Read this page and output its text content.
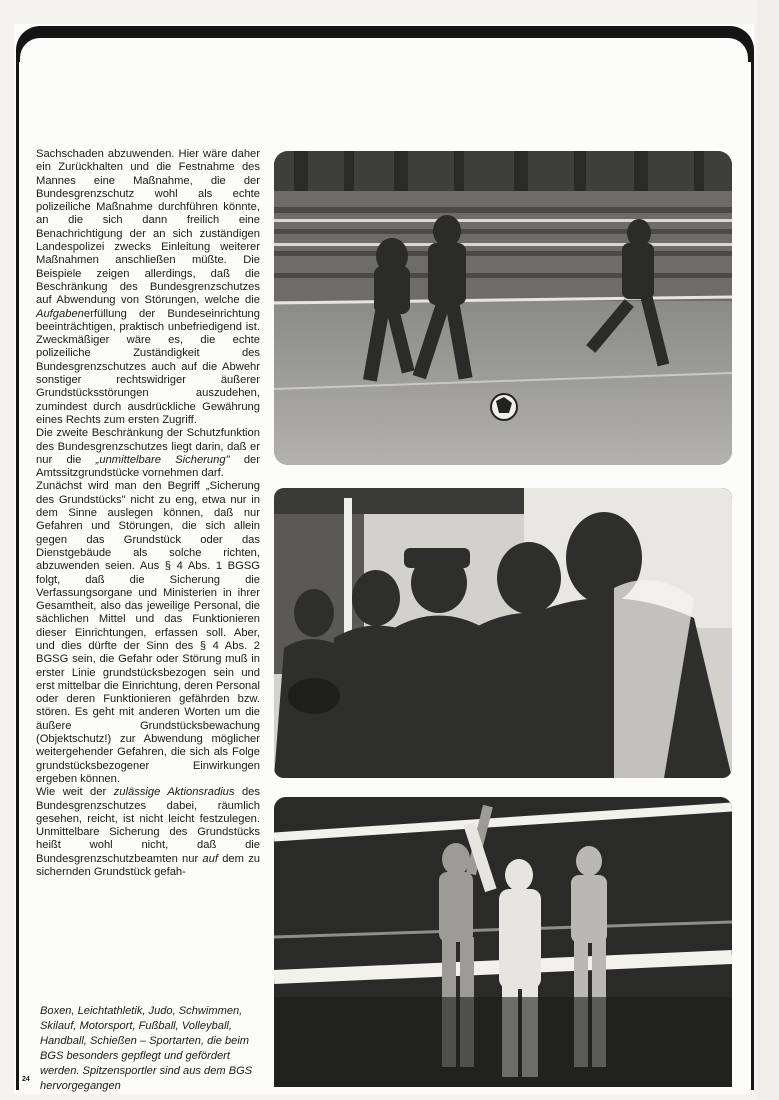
Sachschaden abzuwenden. Hier wäre daher ein Zurückhalten und die Festnahme des Mannes eine Maßnahme, die der Bundesgrenzschutz wohl als echte polizeiliche Maßnahme durchführen könnte, an die sich dann freilich eine Benachrichtigung der an sich zuständigen Landespolizei zwecks Einleitung weiterer Maßnahmen anschließen müßte. Die Beispiele zeigen allerdings, daß die Beschränkung des Bundesgrenzschutzes auf Abwendung von Störungen, welche die Aufgabenerfüllung der Bundeseinrichtung beeinträchtigen, praktisch unbefriedigend ist. Zweckmäßiger wäre es, die echte polizeiliche Zuständigkeit des Bundesgrenzschutzes auch auf die Abwehr sonstiger rechtswidriger äußerer Grundstücksstörungen auszudehen, zumindest durch ausdrückliche Gewährung eines Rechts zum ersten Zugriff.

Die zweite Beschränkung der Schutzfunktion des Bundesgrenzschutzes liegt darin, daß er nur die „unmittelbare Sicherung" der Amtssitzgrundstücke vornehmen darf.

Zunächst wird man den Begriff „Sicherung des Grundstücks" nicht zu eng, etwa nur in dem Sinne auslegen können, daß nur Gefahren und Störungen, die sich allein gegen das Grundstück oder das Dienstgebäude als solche richten, abzuwenden seien. Aus § 4 Abs. 1 BGSG folgt, daß die Sicherung die Verfassungsorgane und Ministerien in ihrer Gesamtheit, also das jeweilige Personal, die sächlichen Mittel und das Funktionieren dieser Einrichtungen, erfassen soll. Aber, und dies dürfte der Sinn des § 4 Abs. 2 BGSG sein, die Gefahr oder Störung muß in erster Linie grundstücksbezogen sein und erst mittelbar die Einrichtung, deren Personal oder deren Funktionieren gefährden bzw. stören. Es geht mit anderen Worten um die äußere Grundstücksbewachung (Objektschutz!) zur Abwendung möglicher weitergehender Gefahren, die sich als Folge grundstücksbezogener Einwirkungen ergeben können.

Wie weit der zulässige Aktionsradius des Bundesgrenzschutzes dabei, räumlich gesehen, reicht, ist nicht leicht festzulegen. Unmittelbare Sicherung des Grundstücks heißt wohl nicht, daß die Bundesgrenzschutzbeamten nur auf dem zu sichernden Grundstück gefah-

Boxen, Leichtathletik, Judo, Schwimmen, Skilauf, Motorsport, Fußball, Volleyball, Handball, Schießen – Sportarten, die beim BGS besonders gepflegt und gefördert werden. Spitzensportler sind aus dem BGS hervorgegangen

24
